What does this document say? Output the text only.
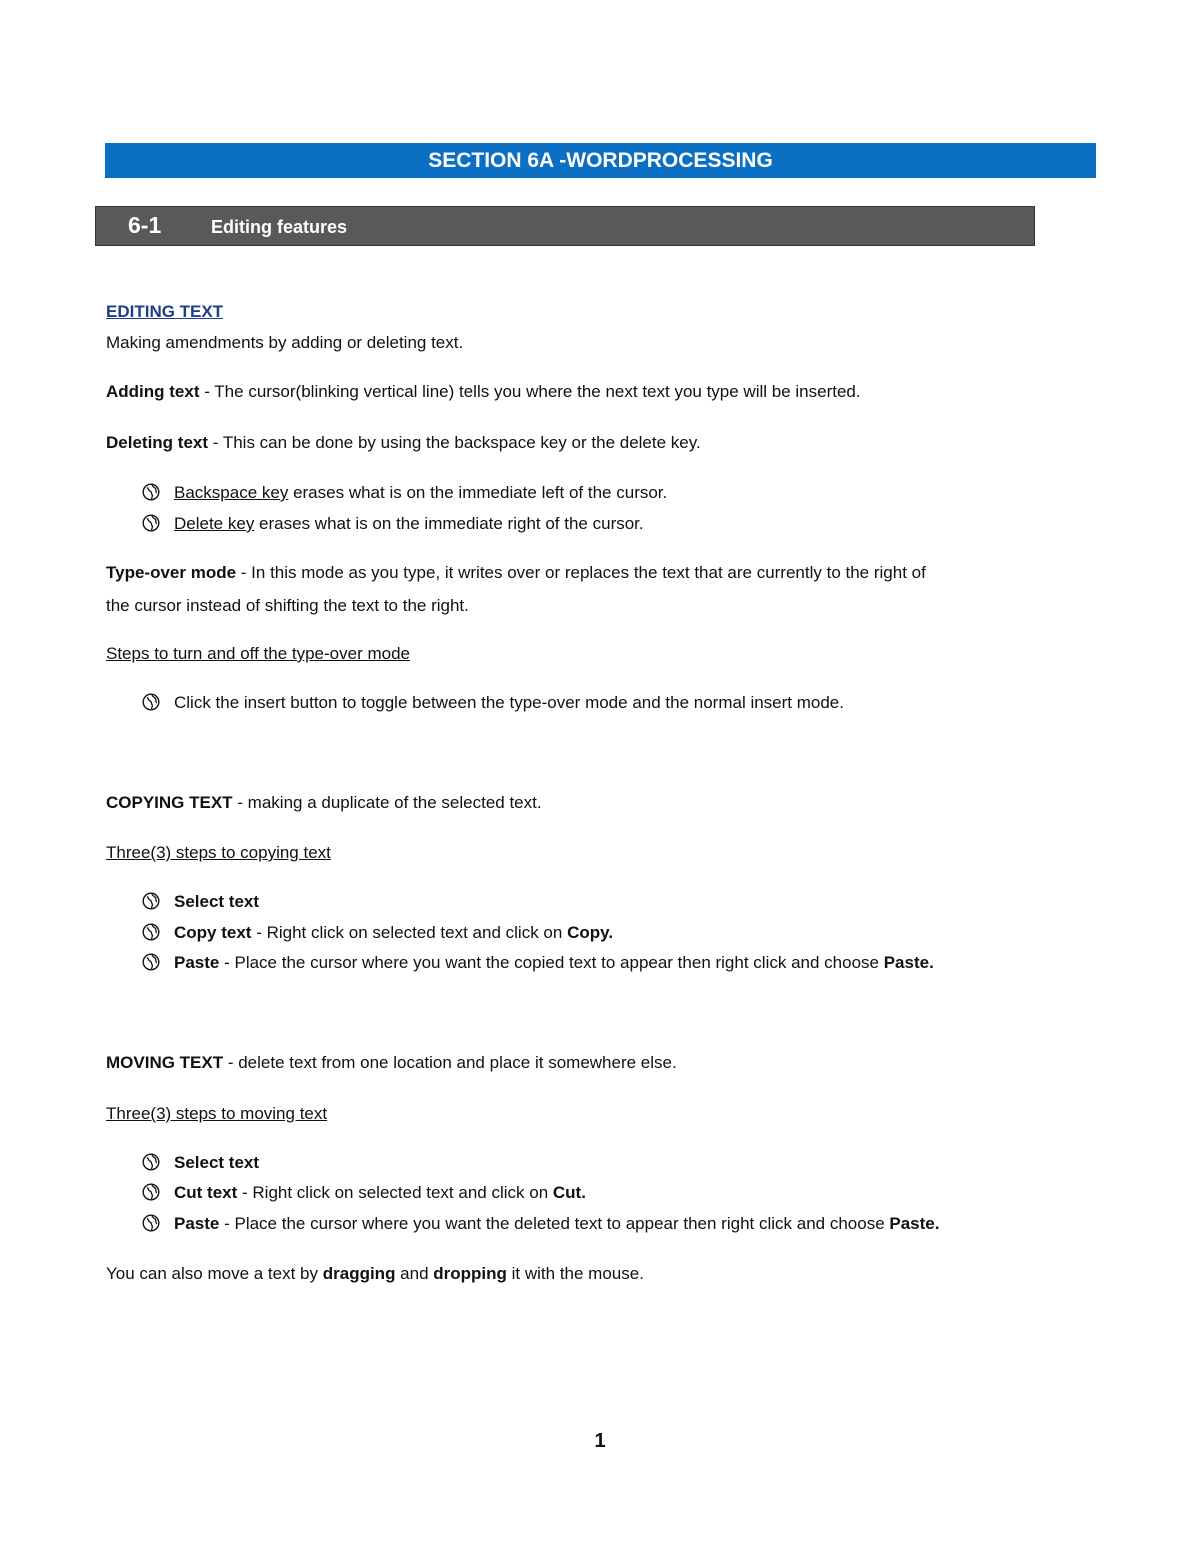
SECTION 6A -WORDPROCESSING
6-1	Editing features
EDITING TEXT
Making amendments by adding or deleting text.
Adding text - The cursor(blinking vertical line) tells you where the next text you type will be inserted.
Deleting text - This can be done by using the backspace key or the delete key.
Backspace key erases what is on the immediate left of the cursor.
Delete key erases what is on the immediate right of the cursor.
Type-over mode - In this mode as you type, it writes over or replaces the text that are currently to the right of
the cursor instead of shifting the text to the right.
Steps to turn and off the type-over mode
Click the insert button to toggle between the type-over mode and the normal insert mode.
COPYING TEXT - making a duplicate of the selected text.
Three(3) steps to copying text
Select text
Copy text - Right click on selected text and click on Copy.
Paste - Place the cursor where you want the copied text to appear then right click and choose Paste.
MOVING TEXT - delete text from one location and place it somewhere else.
Three(3) steps to moving text
Select text
Cut text - Right click on selected text and click on Cut.
Paste - Place the cursor where you want the deleted text to appear then right click and choose Paste.
You can also move a text by dragging and dropping it with the mouse.
1
